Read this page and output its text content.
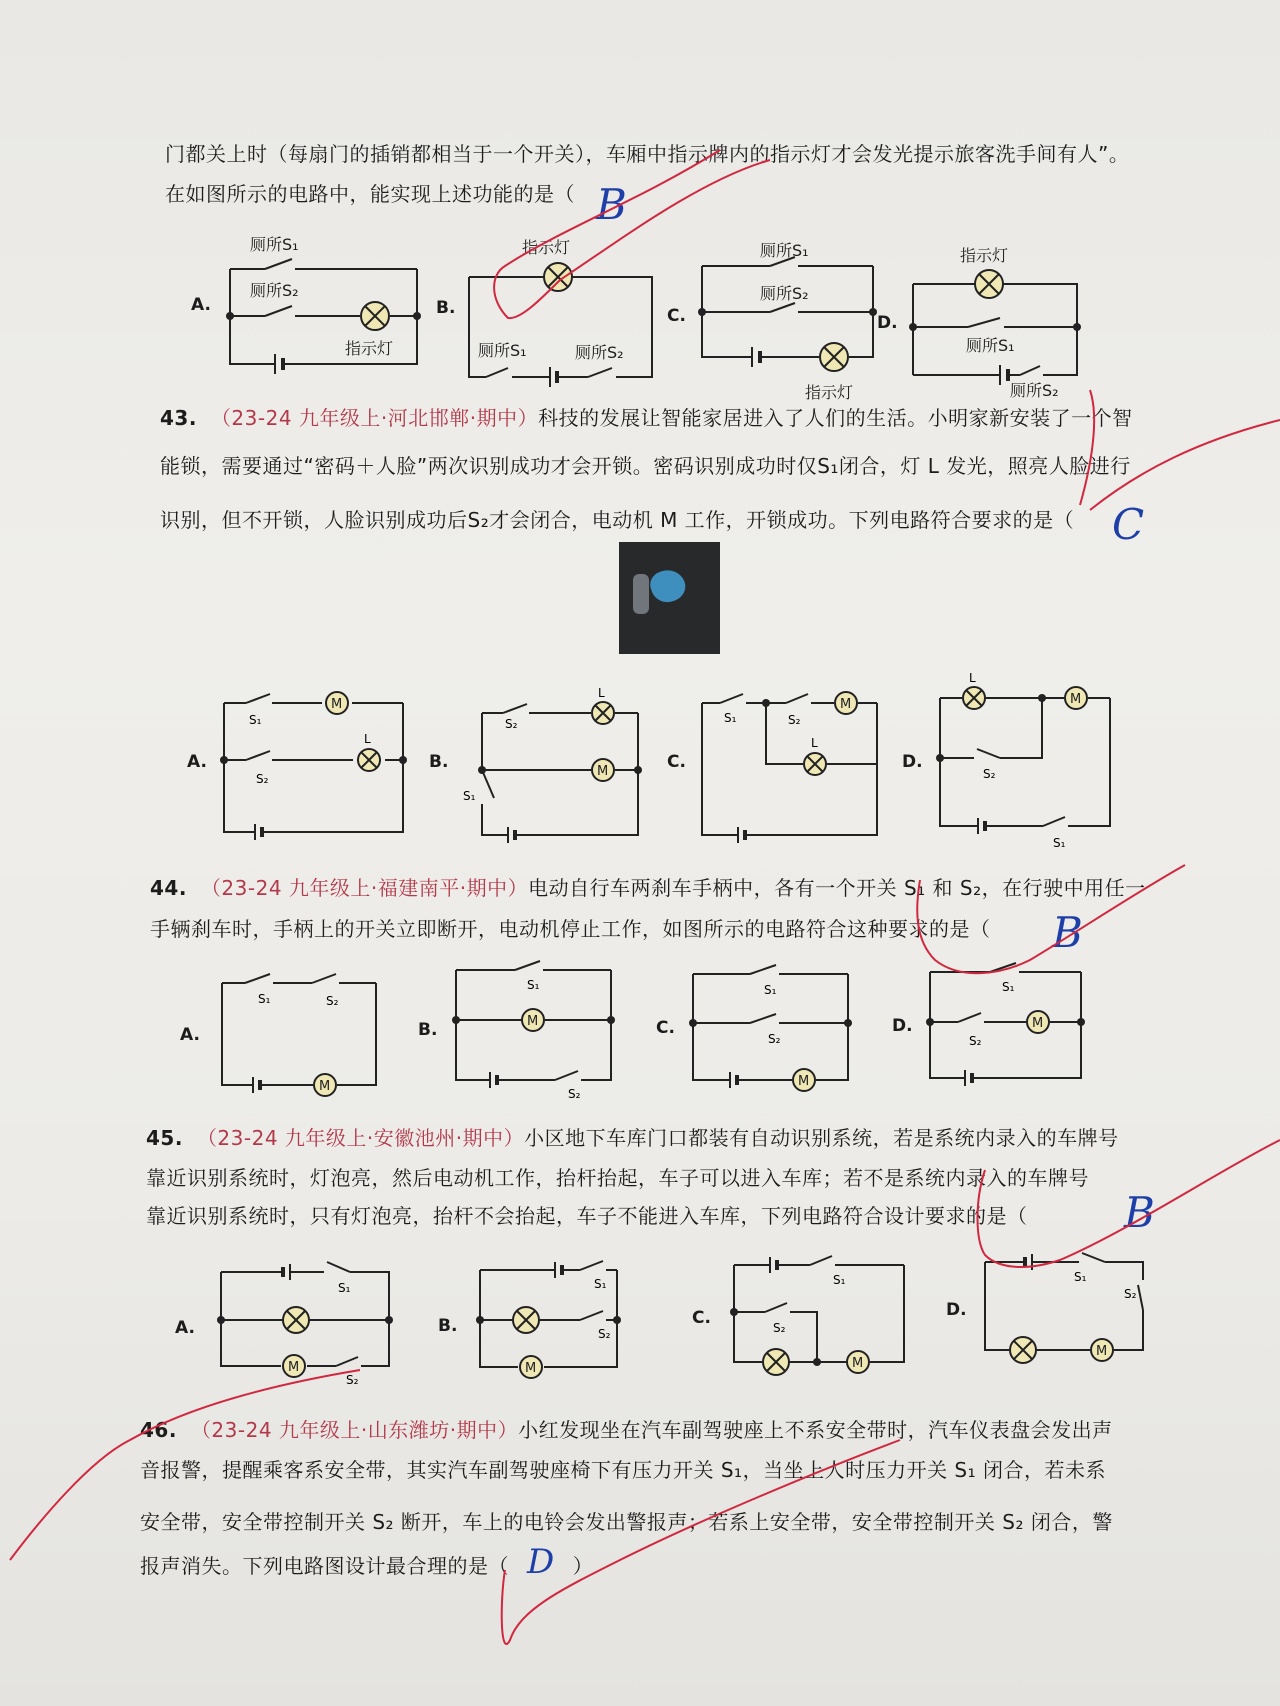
门都关上时（每扇门的插销都相当于一个开关），车厢中指示牌内的指示灯才会发光提示旅客洗手间有人”。
在如图所示的电路中，能实现上述功能的是（ B
A.
厕所S₁
厕所S₂
指示灯
B.
指示灯
厕所S₁	厕所S₂
C.
厕所S₁
厕所S₂
指示灯
D.
指示灯
厕所S₁
厕所S₂
43. （23-24 九年级上·河北邯郸·期中）科技的发展让智能家居进入了人们的生活。小明家新安装了一个智
能锁，需要通过“密码＋人脸”两次识别成功才会开锁。密码识别成功时仅S₁闭合，灯 L 发光，照亮人脸进行
识别，但不开锁，人脸识别成功后S₂才会闭合，电动机 M 工作，开锁成功。下列电路符合要求的是（ C
A.
M
S₁
S₂
L
B.	M
S₂
S₁
L
C.
M
S₁	S₂
L
D.
M
L
S₂
S₁
44. （23-24 九年级上·福建南平·期中）电动自行车两刹车手柄中，各有一个开关 S₁ 和 S₂，在行驶中用任一
手辆刹车时，手柄上的开关立即断开，电动机停止工作，如图所示的电路符合这种要求的是（ B
A.
M
S₁	S₂
B.	M
S₁
S₂
C.
M
S₁
S₂
D.	M
S₁
S₂
45. （23-24 九年级上·安徽池州·期中）小区地下车库门口都装有自动识别系统，若是系统内录入的车牌号
靠近识别系统时，灯泡亮，然后电动机工作，抬杆抬起，车子可以进入车库；若不是系统内录入的车牌号
靠近识别系统时，只有灯泡亮，抬杆不会抬起，车子不能进入车库，下列电路符合设计要求的是（ B
A.
M
S₁
S₂
B.
M
S₁
S₂
C.
M
S₁
S₂
D.
M
S₁
S₂
46. （23-24 九年级上·山东潍坊·期中）小红发现坐在汽车副驾驶座上不系安全带时，汽车仪表盘会发出声
音报警，提醒乘客系安全带，其实汽车副驾驶座椅下有压力开关 S₁，当坐上人时压力开关 S₁ 闭合，若未系
安全带，安全带控制开关 S₂ 断开，车上的电铃会发出警报声；若系上安全带，安全带控制开关 S₂ 闭合，警
报声消失。下列电路图设计最合理的是（ D ）
